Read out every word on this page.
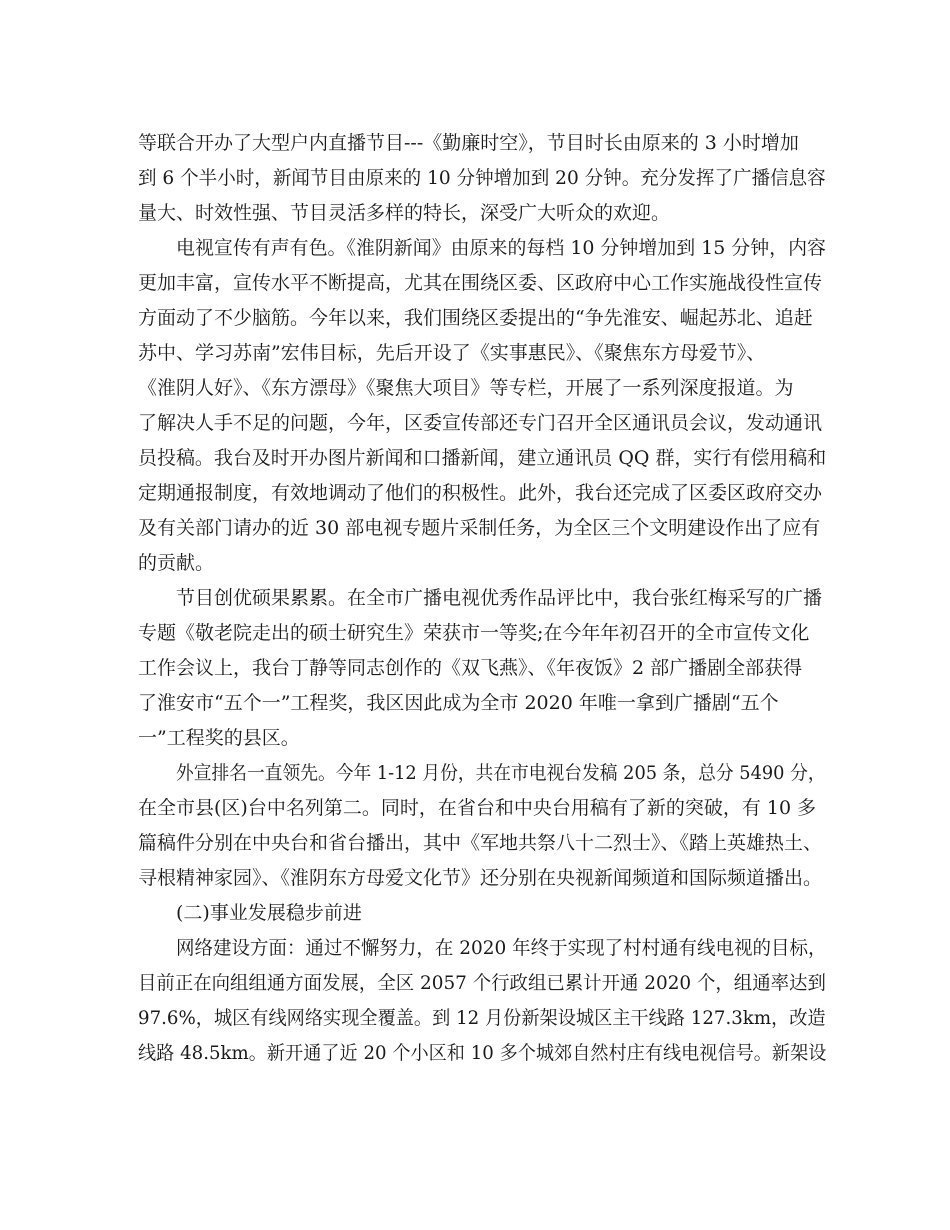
等联合开办了大型户内直播节目---《勤廉时空》，节目时长由原来的 3 小时增加

到 6 个半小时，新闻节目由原来的 10 分钟增加到 20 分钟。充分发挥了广播信息容

量大、时效性强、节目灵活多样的特长，深受广大听众的欢迎。

电视宣传有声有色。《淮阴新闻》由原来的每档 10 分钟增加到 15 分钟，内容

更加丰富，宣传水平不断提高，尤其在围绕区委、区政府中心工作实施战役性宣传

方面动了不少脑筋。今年以来，我们围绕区委提出的“争先淮安、崛起苏北、追赶

苏中、学习苏南”宏伟目标，先后开设了《实事惠民》、《聚焦东方母爱节》、

《淮阴人好》、《东方漂母》《聚焦大项目》等专栏，开展了一系列深度报道。为

了解决人手不足的问题，今年，区委宣传部还专门召开全区通讯员会议，发动通讯

员投稿。我台及时开办图片新闻和口播新闻，建立通讯员 QQ 群，实行有偿用稿和

定期通报制度，有效地调动了他们的积极性。此外，我台还完成了区委区政府交办

及有关部门请办的近 30 部电视专题片采制任务，为全区三个文明建设作出了应有

的贡献。

节目创优硕果累累。在全市广播电视优秀作品评比中，我台张红梅采写的广播

专题《敬老院走出的硕士研究生》荣获市一等奖;在今年年初召开的全市宣传文化

工作会议上，我台丁静等同志创作的《双飞燕》、《年夜饭》2 部广播剧全部获得

了淮安市“五个一”工程奖，我区因此成为全市 2020 年唯一拿到广播剧“五个

一”工程奖的县区。

外宣排名一直领先。今年 1-12 月份，共在市电视台发稿 205 条，总分 5490 分，

在全市县(区)台中名列第二。同时，在省台和中央台用稿有了新的突破，有 10 多

篇稿件分别在中央台和省台播出，其中《军地共祭八十二烈士》、《踏上英雄热土、

寻根精神家园》、《淮阴东方母爱文化节》还分别在央视新闻频道和国际频道播出。

(二)事业发展稳步前进

网络建设方面：通过不懈努力，在 2020 年终于实现了村村通有线电视的目标，

目前正在向组组通方面发展，全区 2057 个行政组已累计开通 2020 个，组通率达到

97.6%，城区有线网络实现全覆盖。到 12 月份新架设城区主干线路 127.3km，改造

线路 48.5km。新开通了近 20 个小区和 10 多个城郊自然村庄有线电视信号。新架设
